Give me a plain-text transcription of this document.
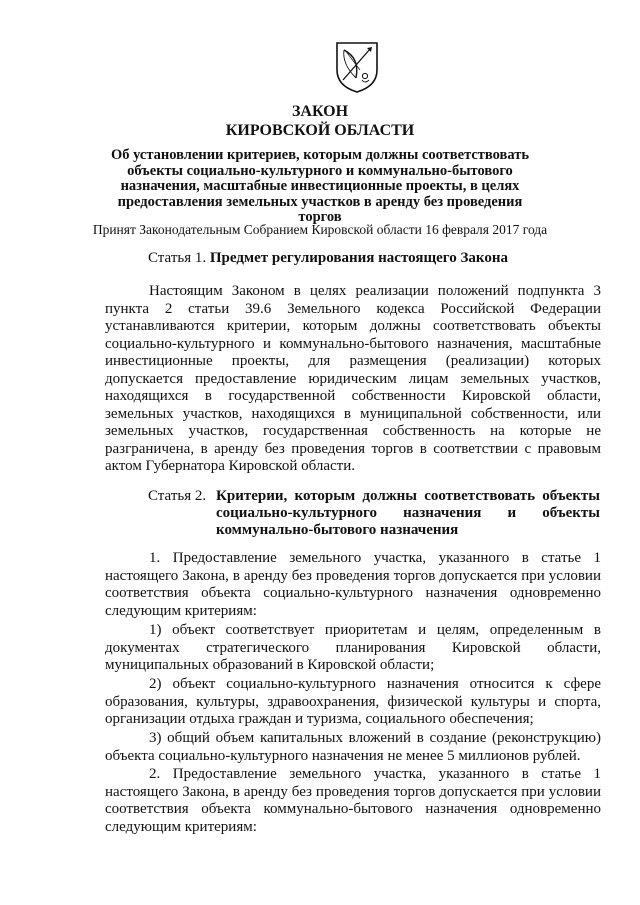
ЗАКОН
КИРОВСКОЙ ОБЛАСТИ
Об установлении критериев, которым должны соответствовать объекты социально-культурного и коммунально-бытового назначения, масштабные инвестиционные проекты, в целях предоставления земельных участков в аренду без проведения торгов
Принят Законодательным Собранием Кировской области 16 февраля 2017 года
Статья 1. Предмет регулирования настоящего Закона

Настоящим Законом в целях реализации положений подпункта 3 пункта 2 статьи 39.6 Земельного кодекса Российской Федерации устанавливаются критерии, которым должны соответствовать объекты социально-культурного и коммунально-бытового назначения, масштабные инвестиционные проекты, для размещения (реализации) которых допускается предоставление юридическим лицам земельных участков, находящихся в государственной собственности Кировской области, земельных участков, находящихся в муниципальной собственности, или земельных участков, государственная собственность на которые не разграничена, в аренду без проведения торгов в соответствии с правовым актом Губернатора Кировской области.

Статья 2. Критерии, которым должны соответствовать объекты социально-культурного назначения и объекты коммунально-бытового назначения

1. Предоставление земельного участка, указанного в статье 1 настоящего Закона, в аренду без проведения торгов допускается при условии соответствия объекта социально-культурного назначения одновременно следующим критериям:

1) объект соответствует приоритетам и целям, определенным в документах стратегического планирования Кировской области, муниципальных образований в Кировской области;

2) объект социально-культурного назначения относится к сфере образования, культуры, здравоохранения, физической культуры и спорта, организации отдыха граждан и туризма, социального обеспечения;

3) общий объем капитальных вложений в создание (реконструкцию) объекта социально-культурного назначения не менее 5 миллионов рублей.

2. Предоставление земельного участка, указанного в статье 1 настоящего Закона, в аренду без проведения торгов допускается при условии соответствия объекта коммунально-бытового назначения одновременно следующим критериям:
